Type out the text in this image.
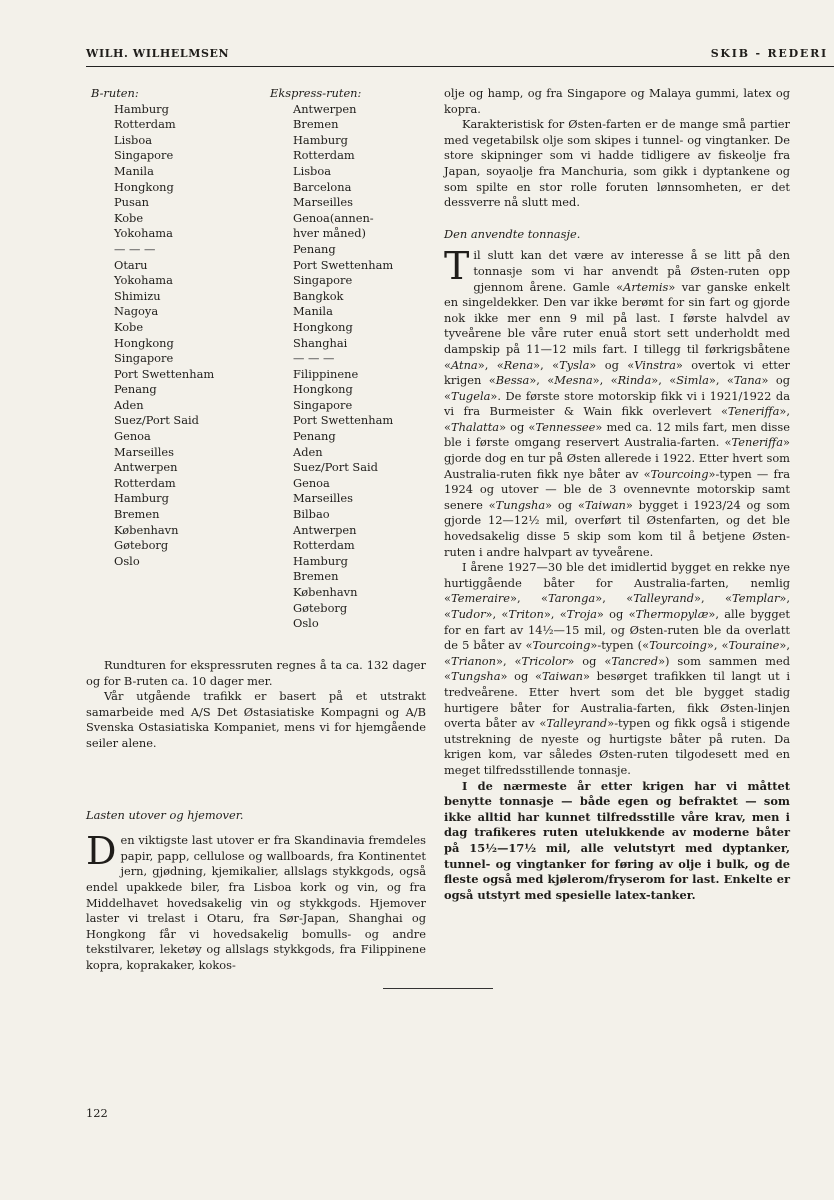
WILH. WILHELMSEN	SKIB - REDERI
B-ruten:
Hamburg
Rotterdam
Lisboa
Singapore
Manila
Hongkong
Pusan
Kobe
Yokohama
— — —
Otaru
Yokohama
Shimizu
Nagoya
Kobe
Hongkong
Singapore
Port Swettenham
Penang
Aden
Suez/Port Said
Genoa
Marseilles
Antwerpen
Rotterdam
Hamburg
Bremen
København
Gøteborg
Oslo
Ekspress-ruten:
Antwerpen
Bremen
Hamburg
Rotterdam
Lisboa
Barcelona
Marseilles
Genoa(annen-
hver måned)
Penang
Port Swettenham
Singapore
Bangkok
Manila
Hongkong
Shanghai
— — —
Filippinene
Hongkong
Singapore
Port Swettenham
Penang
Aden
Suez/Port Said
Genoa
Marseilles
Bilbao
Antwerpen
Rotterdam
Hamburg
Bremen
København
Gøteborg
Oslo

Rundturen for ekspressruten regnes å ta ca. 132 dager og for B-ruten ca. 10 dager mer.

Vår utgående trafikk er basert på et utstrakt samarbeide med A/S Det Østasiatiske Kompagni og A/B Svenska Ostasiatiska Kompaniet, mens vi for hjemgående seiler alene.

Lasten utover og hjemover.

Den viktigste last utover er fra Skandinavia fremdeles papir, papp, cellulose og wallboards, fra Kontinentet jern, gjødning, kjemikalier, allslags stykkgods, også endel upakkede biler, fra Lisboa kork og vin, og fra Middelhavet hovedsakelig vin og stykkgods. Hjemover laster vi trelast i Otaru, fra Sør-Japan, Shanghai og Hongkong får vi hovedsakelig bomulls- og andre tekstilvarer, leketøy og allslags stykkgods, fra Filippinene kopra, koprakaker, kokos-

olje og hamp, og fra Singapore og Malaya gummi, latex og kopra.

Karakteristisk for Østen-farten er de mange små partier med vegetabilsk olje som skipes i tunnel- og vingtanker. De store skipninger som vi hadde tidligere av fiskeolje fra Japan, soyaolje fra Manchuria, som gikk i dyptankene og som spilte en stor rolle foruten lønnsomheten, er det dessverre nå slutt med.

Den anvendte tonnasje.

Til slutt kan det være av interesse å se litt på den tonnasje som vi har anvendt på Østen-ruten opp gjennom årene. Gamle «Artemis» var ganske enkelt en singeldekker. Den var ikke berømt for sin fart og gjorde nok ikke mer enn 9 mil på last. I første halvdel av tyveårene ble våre ruter enuå stort sett underholdt med dampskip på 11—12 mils fart. I tillegg til førkrigsbåtene «Atna», «Rena», «Tysla» og «Vinstra» overtok vi etter krigen «Bessa», «Mesna», «Rinda», «Simla», «Tana» og «Tugela». De første store motorskip fikk vi i 1921/1922 da vi fra Burmeister & Wain fikk overlevert «Teneriffa», «Thalatta» og «Tennessee» med ca. 12 mils fart, men disse ble i første omgang reservert Australia-farten. «Teneriffa» gjorde dog en tur på Østen allerede i 1922. Etter hvert som Australia-ruten fikk nye båter av «Tourcoing»-typen — fra 1924 og utover — ble de 3 ovennevnte motorskip samt senere «Tungsha» og «Taiwan» bygget i 1923/24 og som gjorde 12—12½ mil, overført til Østenfarten, og det ble hovedsakelig disse 5 skip som kom til å betjene Østen-ruten i andre halvpart av tyveårene.

I årene 1927—30 ble det imidlertid bygget en rekke nye hurtiggående båter for Australia-farten, nemlig «Temeraire», «Taronga», «Talleyrand», «Templar», «Tudor», «Triton», «Troja» og «Thermopylæ», alle bygget for en fart av 14½—15 mil, og Østen-ruten ble da overlatt de 5 båter av «Tourcoing»-typen («Tourcoing», «Touraine», «Trianon», «Tricolor» og «Tancred») som sammen med «Tungsha» og «Taiwan» besørget trafikken til langt ut i tredveårene. Etter hvert som det ble bygget stadig hurtigere båter for Australia-farten, fikk Østen-linjen overta båter av «Talleyrand»-typen og fikk også i stigende utstrekning de nyeste og hurtigste båter på ruten. Da krigen kom, var således Østen-ruten tilgodesett med en meget tilfredsstillende tonnasje.

I de nærmeste år etter krigen har vi måttet benytte tonnasje — både egen og befraktet — som ikke alltid har kunnet tilfredsstille våre krav, men i dag trafikeres ruten utelukkende av moderne båter på 15½—17½ mil, alle velutstyrt med dyptanker, tunnel- og vingtanker for føring av olje i bulk, og de fleste også med kjølerom/fryserom for last. Enkelte er også utstyrt med spesielle latex-tanker.

122
